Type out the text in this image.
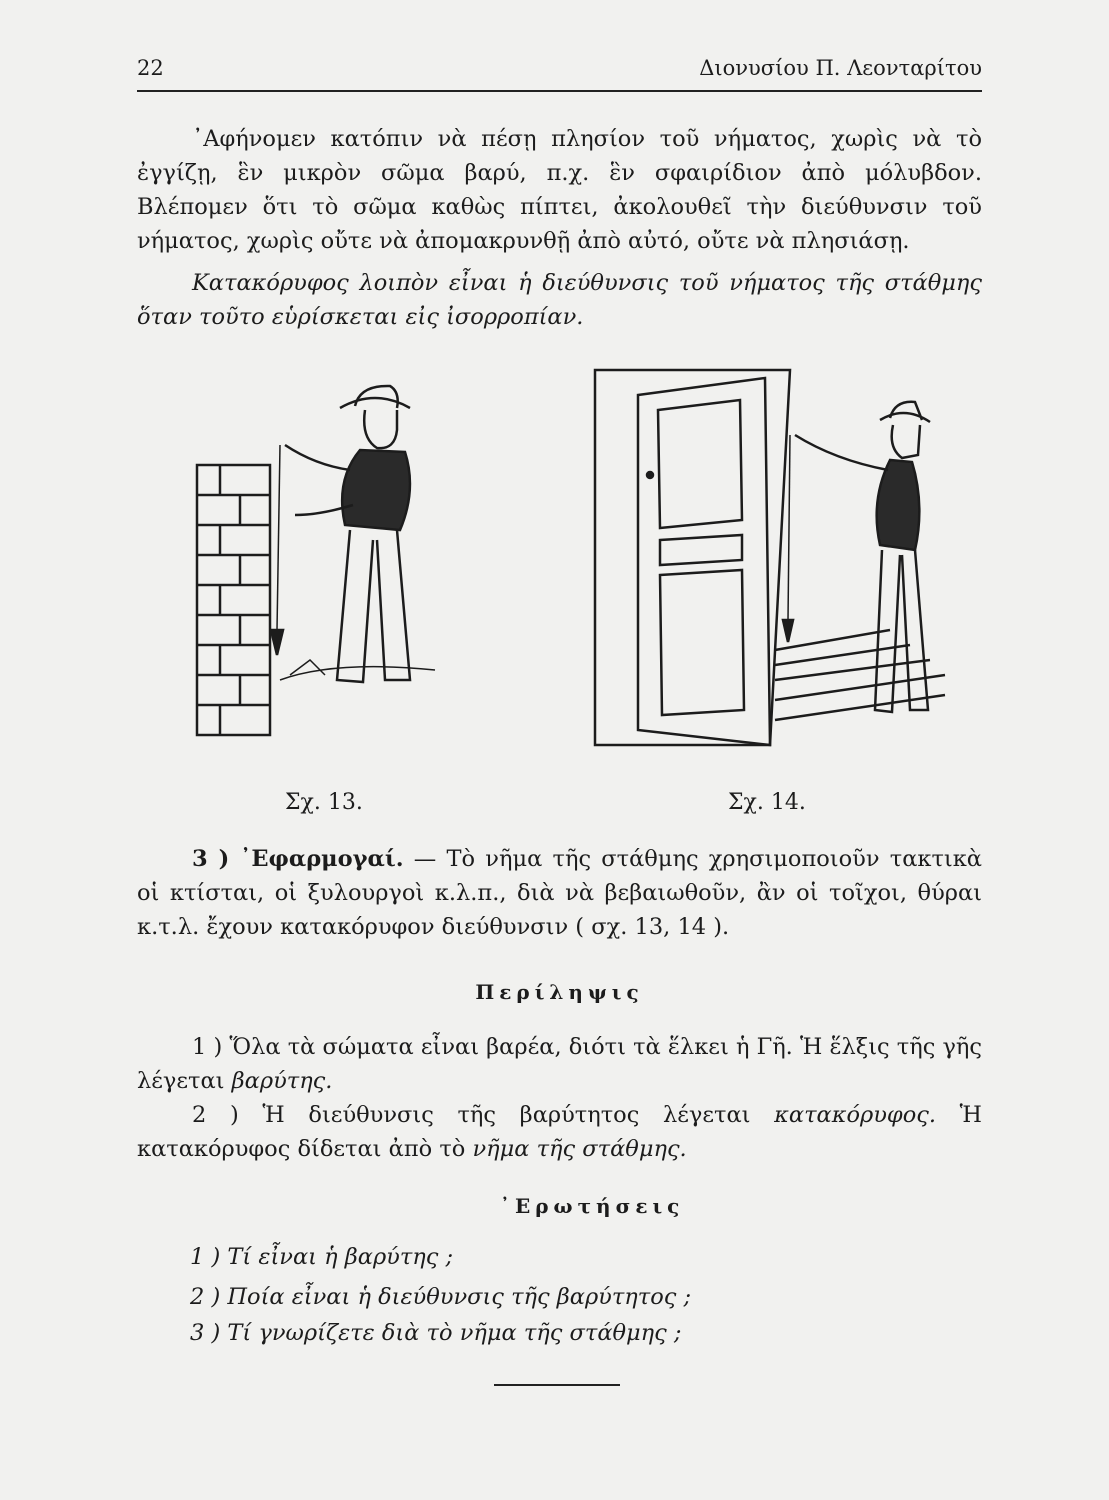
22	Διονυσίου Π. Λεονταρίτου

᾿Αφήνομεν κατόπιν νὰ πέσῃ πλησίον τοῦ νήματος, χωρὶς νὰ τὸ ἐγγίζῃ, ἓν μικρὸν σῶμα βαρύ, π.χ. ἓν σφαιρίδιον ἀπὸ μόλυβδον. Βλέπομεν ὅτι τὸ σῶμα καθὼς πίπτει, ἀκολουθεῖ τὴν διεύθυνσιν τοῦ νήματος, χωρὶς οὔτε νὰ ἀπομακρυνθῇ ἀπὸ αὐτό, οὔτε νὰ πλησιάσῃ.

Κατακόρυφος λοιπὸν εἶναι ἡ διεύθυνσις τοῦ νήματος τῆς στάθμης ὅταν τοῦτο εὑρίσκεται εἰς ἰσορροπίαν.

Σχ. 13.	Σχ. 14.

3 ) ᾿Εφαρμογαί. — Τὸ νῆμα τῆς στάθμης χρησιμοποιοῦν τακτικὰ οἱ κτίσται, οἱ ξυλουργοὶ κ.λ.π., διὰ νὰ βεβαιωθοῦν, ἂν οἱ τοῖχοι, θύραι κ.τ.λ. ἔχουν κατακόρυφον διεύθυνσιν ( σχ. 13, 14 ).

Περίληψις

1 ) Ὅλα τὰ σώματα εἶναι βαρέα, διότι τὰ ἕλκει ἡ Γῆ. Ἡ ἕλξις τῆς γῆς λέγεται βαρύτης.

2 ) Ἡ διεύθυνσις τῆς βαρύτητος λέγεται κατακόρυφος. Ἡ κατακόρυφος δίδεται ἀπὸ τὸ νῆμα τῆς στάθμης.

᾿Ερωτήσεις
1 ) Τί εἶναι ἡ βαρύτης ;
2 ) Ποία εἶναι ἡ διεύθυνσις τῆς βαρύτητος ;
3 ) Τί γνωρίζετε διὰ τὸ νῆμα τῆς στάθμης ;
